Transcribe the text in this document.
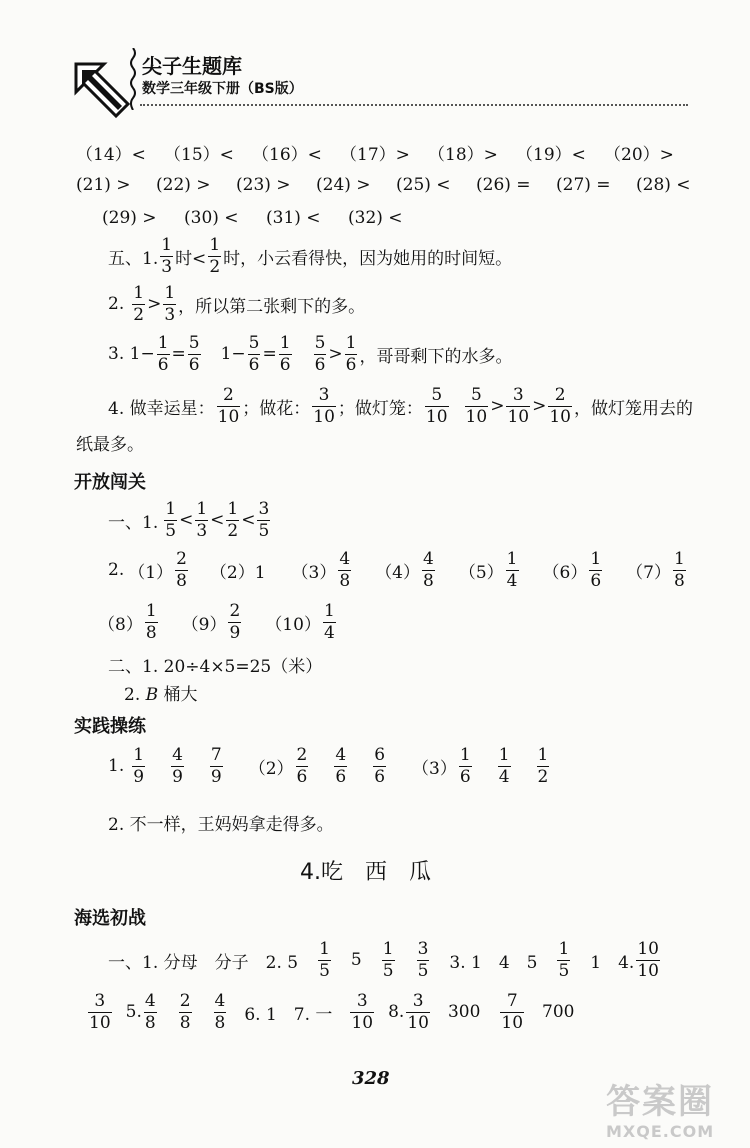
尖子生题库
数学三年级下册（BS版）
（14）< （15）< （16）< （17）> （18）> （19）< （20）>
(21) > (22) > (23) > (24) > (25) < (26) = (27) = (28) <
(29) > (30) < (31) < (32) <
五、1. $\frac{1}{3}$ 时< $\frac{1}{2}$ 时，小云看得快，因为她用的时间短。
2. $\frac{1}{2} > \frac{1}{3}$ ，所以第二张剩下的多。
3. $1- \frac{1}{6} = \frac{5}{6} 1- \frac{5}{6} = \frac{1}{6} \frac{5}{6} > \frac{1}{6}$ ，哥哥剩下的水多。
4. 做幸运星： $\frac{2}{10}$ ；做花： $\frac{3}{10}$ ；做灯笼： $\frac{5}{10} \frac{5}{10} > \frac{3}{10} > \frac{2}{10}$ ，做灯笼用去的
纸最多。
开放闯关
一、1. $\frac{1}{5} < \frac{1}{3} < \frac{1}{2} < \frac{3}{5}$
2. $(1) \frac{2}{8} (2)1$ $(3) \frac{4}{8} (4) \frac{4}{8} (5) \frac{1}{4} (6) \frac{1}{6} (7) \frac{1}{8}$
$(8) \frac{1}{8} (9) \frac{2}{9} (10) \frac{1}{4}$
二、1. 20÷4×5=25（米）
2. B 桶大
实践操练
1. $\frac{1}{9} \frac{4}{9} \frac{7}{9} (2) \frac{2}{6} \frac{4}{6} \frac{6}{6} (3) \frac{1}{6} \frac{1}{4} \frac{1}{2}$
2. 不一样，王妈妈拿走得多。
4.吃　西　瓜
海选初战
一、1. 分母　分子　2. $5 \frac{1}{5} 5 \frac{1}{5} \frac{3}{5} 3$. 1　4　$5 \frac{1}{5} 1$　4. $\frac{10}{10}$
$\frac{3}{10} 5$. $\frac{4}{8} \frac{2}{8} \frac{4}{8} 6$. 1　7. 一 $\frac{3}{10} 8$. $\frac{3}{10} 300 \frac{7}{10} 700$
328
答案圈
MXQE.COM
